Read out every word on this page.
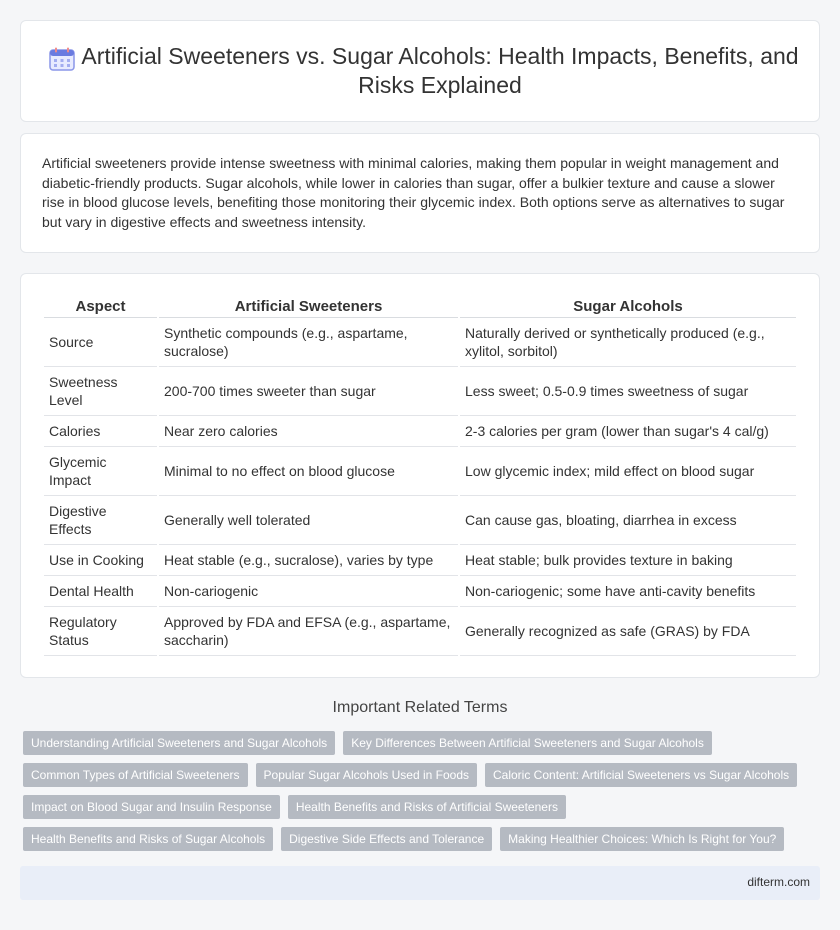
Artificial Sweeteners vs. Sugar Alcohols: Health Impacts, Benefits, and Risks Explained

Artificial sweeteners provide intense sweetness with minimal calories, making them popular in weight management and diabetic-friendly products. Sugar alcohols, while lower in calories than sugar, offer a bulkier texture and cause a slower rise in blood glucose levels, benefiting those monitoring their glycemic index. Both options serve as alternatives to sugar but vary in digestive effects and sweetness intensity.

Aspect	Artificial Sweeteners	Sugar Alcohols
Source	Synthetic compounds (e.g., aspartame, sucralose)	Naturally derived or synthetically produced (e.g., xylitol, sorbitol)
Sweetness Level	200-700 times sweeter than sugar	Less sweet; 0.5-0.9 times sweetness of sugar
Calories	Near zero calories	2-3 calories per gram (lower than sugar's 4 cal/g)
Glycemic Impact	Minimal to no effect on blood glucose	Low glycemic index; mild effect on blood sugar
Digestive Effects	Generally well tolerated	Can cause gas, bloating, diarrhea in excess
Use in Cooking	Heat stable (e.g., sucralose), varies by type	Heat stable; bulk provides texture in baking
Dental Health	Non-cariogenic	Non-cariogenic; some have anti-cavity benefits
Regulatory Status	Approved by FDA and EFSA (e.g., aspartame, saccharin)	Generally recognized as safe (GRAS) by FDA
Important Related Terms
Understanding Artificial Sweeteners and Sugar Alcohols	Key Differences Between Artificial Sweeteners and Sugar Alcohols
Common Types of Artificial Sweeteners	Popular Sugar Alcohols Used in Foods	Caloric Content: Artificial Sweeteners vs Sugar Alcohols
Impact on Blood Sugar and Insulin Response	Health Benefits and Risks of Artificial Sweeteners
Health Benefits and Risks of Sugar Alcohols	Digestive Side Effects and Tolerance	Making Healthier Choices: Which Is Right for You?
difterm.com
